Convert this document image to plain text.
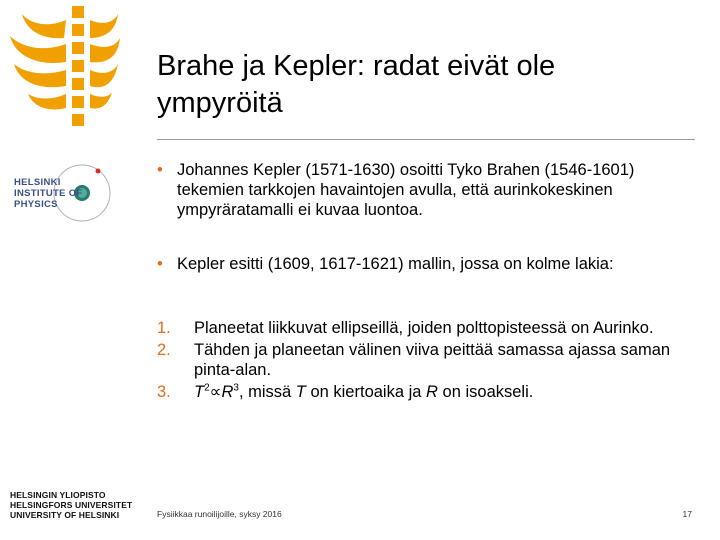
HELSINKI
INSTITUTE OF
PHYSICS
HELSINGIN YLIOPISTO
HELSINGFORS UNIVERSITET
UNIVERSITY OF HELSINKI
Brahe ja Kepler: radat eivät ole
ympyröitä
• Johannes Kepler (1571-1630) osoitti Tyko Brahen (1546-1601) tekemien tarkkojen havaintojen avulla, että aurinkokeskinen ympyräratamalli ei kuvaa luontoa.
• Kepler esitti (1609, 1617-1621) mallin, jossa on kolme lakia:
1. Planeetat liikkuvat ellipseillä, joiden polttopisteessä on Aurinko.
2. Tähden ja planeetan välinen viiva peittää samassa ajassa saman pinta-alan.
3. $T^2\propto R^3$, missä T on kiertoaika ja R on isoakseli.
Fysiikkaa runoilijoille, syksy 2016	17
